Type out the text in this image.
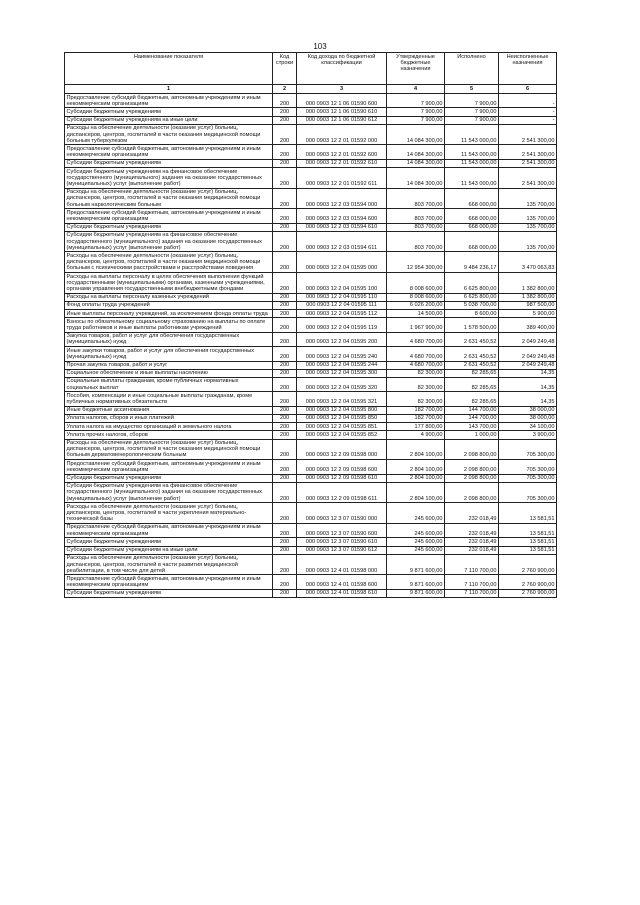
103
Наименование показателя	Код строки	Код дохода по бюджетной классификации	Утвержденные бюджетные назначения	Исполнено	Неисполненные назначения
1	2	3	4	5	6
Предоставление субсидий бюджетным, автономным учреждениям и иным некоммерческим организациям	200	000 0903 12 1 06 01590 600	7 900,00	7 900,00	-
Субсидии бюджетным учреждениям	200	000 0903 12 1 06 01590 610	7 900,00	7 900,00	-
Субсидии бюджетным учреждениям на иные цели	200	000 0903 12 1 06 01590 612	7 900,00	7 900,00	-
Расходы на обеспечение деятельности (оказание услуг) больниц, диспансеров, центров, госпиталей в части оказания медицинской помощи больным туберкулезом	200	000 0903 12 2 01 01592 000	14 084 300,00	11 543 000,00	2 541 300,00
Предоставление субсидий бюджетным, автономным учреждениям и иным некоммерческим организациям	200	000 0903 12 2 01 01592 600	14 084 300,00	11 543 000,00	2 541 300,00
Субсидии бюджетным учреждениям	200	000 0903 12 2 01 01592 610	14 084 300,00	11 543 000,00	2 541 300,00
Субсидии бюджетным учреждениям на финансовое обеспечение государственного (муниципального) задания на оказание государственных (муниципальных) услуг (выполнение работ)	200	000 0903 12 2 01 01592 611	14 084 300,00	11 543 000,00	2 541 300,00
Расходы на обеспечение деятельности (оказание услуг) больниц, диспансеров, центров, госпиталей в части оказания медицинской помощи больным наркологическим больным	200	000 0903 12 2 03 01594 000	803 700,00	668 000,00	135 700,00
Предоставление субсидий бюджетным, автономным учреждениям и иным некоммерческим организациям	200	000 0903 12 2 03 01594 600	803 700,00	668 000,00	135 700,00
Субсидии бюджетным учреждениям	200	000 0903 12 2 03 01594 610	803 700,00	668 000,00	135 700,00
Субсидии бюджетным учреждениям на финансовое обеспечение государственного (муниципального) задания на оказание государственных (муниципальных) услуг (выполнение работ)	200	000 0903 12 2 03 01594 611	803 700,00	668 000,00	135 700,00
Расходы на обеспечение деятельности (оказание услуг) больниц, диспансеров, центров, госпиталей в части оказания медицинской помощи больным с психическими расстройствами и расстройствами поведения	200	000 0903 12 2 04 01595 000	12 954 300,00	9 484 236,17	3 470 063,83
Расходы на выплаты персоналу в целях обеспечения выполнения функций государственными (муниципальными) органами, казенными учреждениями, органами управления государственными внебюджетными фондами	200	000 0903 12 2 04 01595 100	8 008 600,00	6 625 800,00	1 382 800,00
Расходы на выплаты персоналу казенных учреждений	200	000 0903 12 2 04 01595 110	8 008 600,00	6 625 800,00	1 382 800,00
Фонд оплаты труда учреждений	200	000 0903 12 2 04 01595 111	6 026 200,00	5 038 700,00	987 500,00
Иные выплаты персоналу учреждений, за исключением фонда оплаты труда	200	000 0903 12 2 04 01595 112	14 500,00	8 600,00	5 900,00
Взносы по обязательному социальному страхованию на выплаты по оплате труда работников и иные выплаты работникам учреждений	200	000 0903 12 2 04 01595 119	1 967 900,00	1 578 500,00	389 400,00
Закупка товаров, работ и услуг для обеспечения государственных (муниципальных) нужд	200	000 0903 12 2 04 01595 200	4 680 700,00	2 631 450,52	2 049 249,48
Иные закупки товаров, работ и услуг для обеспечения государственных (муниципальных) нужд	200	000 0903 12 2 04 01595 240	4 680 700,00	2 631 450,52	2 049 249,48
Прочая закупка товаров, работ и услуг	200	000 0903 12 2 04 01595 244	4 680 700,00	2 631 450,52	2 049 249,48
Социальное обеспечение и иные выплаты населению	200	000 0903 12 2 04 01595 300	82 300,00	82 285,65	14,35
Социальные выплаты гражданам, кроме публичных нормативных социальных выплат	200	000 0903 12 2 04 01595 320	82 300,00	82 285,65	14,35
Пособия, компенсации и иные социальные выплаты гражданам, кроме публичных нормативных обязательств	200	000 0903 12 2 04 01595 321	82 300,00	82 285,65	14,35
Иные бюджетные ассигнования	200	000 0903 12 2 04 01595 800	182 700,00	144 700,00	38 000,00
Уплата налогов, сборов и иных платежей	200	000 0903 12 2 04 01595 850	182 700,00	144 700,00	38 000,00
Уплата налога на имущество организаций и земельного налога	200	000 0903 12 2 04 01595 851	177 800,00	143 700,00	34 100,00
Уплата прочих налогов, сборов	200	000 0903 12 2 04 01595 852	4 900,00	1 000,00	3 900,00
Расходы на обеспечение деятельности (оказание услуг) больниц, диспансеров, центров, госпиталей в части оказания медицинской помощи больным дерматовенерологическим больным	200	000 0903 12 2 09 01598 000	2 804 100,00	2 098 800,00	705 300,00
Предоставление субсидий бюджетным, автономным учреждениям и иным некоммерческим организациям	200	000 0903 12 2 09 01598 600	2 804 100,00	2 098 800,00	705 300,00
Субсидии бюджетным учреждениям	200	000 0903 12 2 09 01598 610	2 804 100,00	2 098 800,00	705 300,00
Субсидии бюджетным учреждениям на финансовое обеспечение государственного (муниципального) задания на оказание государственных (муниципальных) услуг (выполнение работ)	200	000 0903 12 2 09 01598 611	2 804 100,00	2 098 800,00	705 300,00
Расходы на обеспечение деятельности (оказание услуг) больниц, диспансеров, центров, госпиталей в части укрепления материально-технической базы	200	000 0903 12 3 07 01590 000	245 600,00	232 018,49	13 581,51
Предоставление субсидий бюджетным, автономным учреждениям и иным некоммерческим организациям	200	000 0903 12 3 07 01590 600	245 600,00	232 018,49	13 581,51
Субсидии бюджетным учреждениям	200	000 0903 12 3 07 01590 610	245 600,00	232 018,49	13 581,51
Субсидии бюджетным учреждениям на иные цели	200	000 0903 12 3 07 01590 612	245 600,00	232 018,49	13 581,51
Расходы на обеспечение деятельности (оказание услуг) больниц, диспансеров, центров, госпиталей в части развития медицинской реабилитации, в том числе для детей	200	000 0903 12 4 01 01598 000	9 871 600,00	7 110 700,00	2 760 900,00
Предоставление субсидий бюджетным, автономным учреждениям и иным некоммерческим организациям	200	000 0903 12 4 01 01598 600	9 871 600,00	7 110 700,00	2 760 900,00
Субсидии бюджетным учреждениям	200	000 0903 12 4 01 01598 610	9 871 600,00	7 110 700,00	2 760 900,00
